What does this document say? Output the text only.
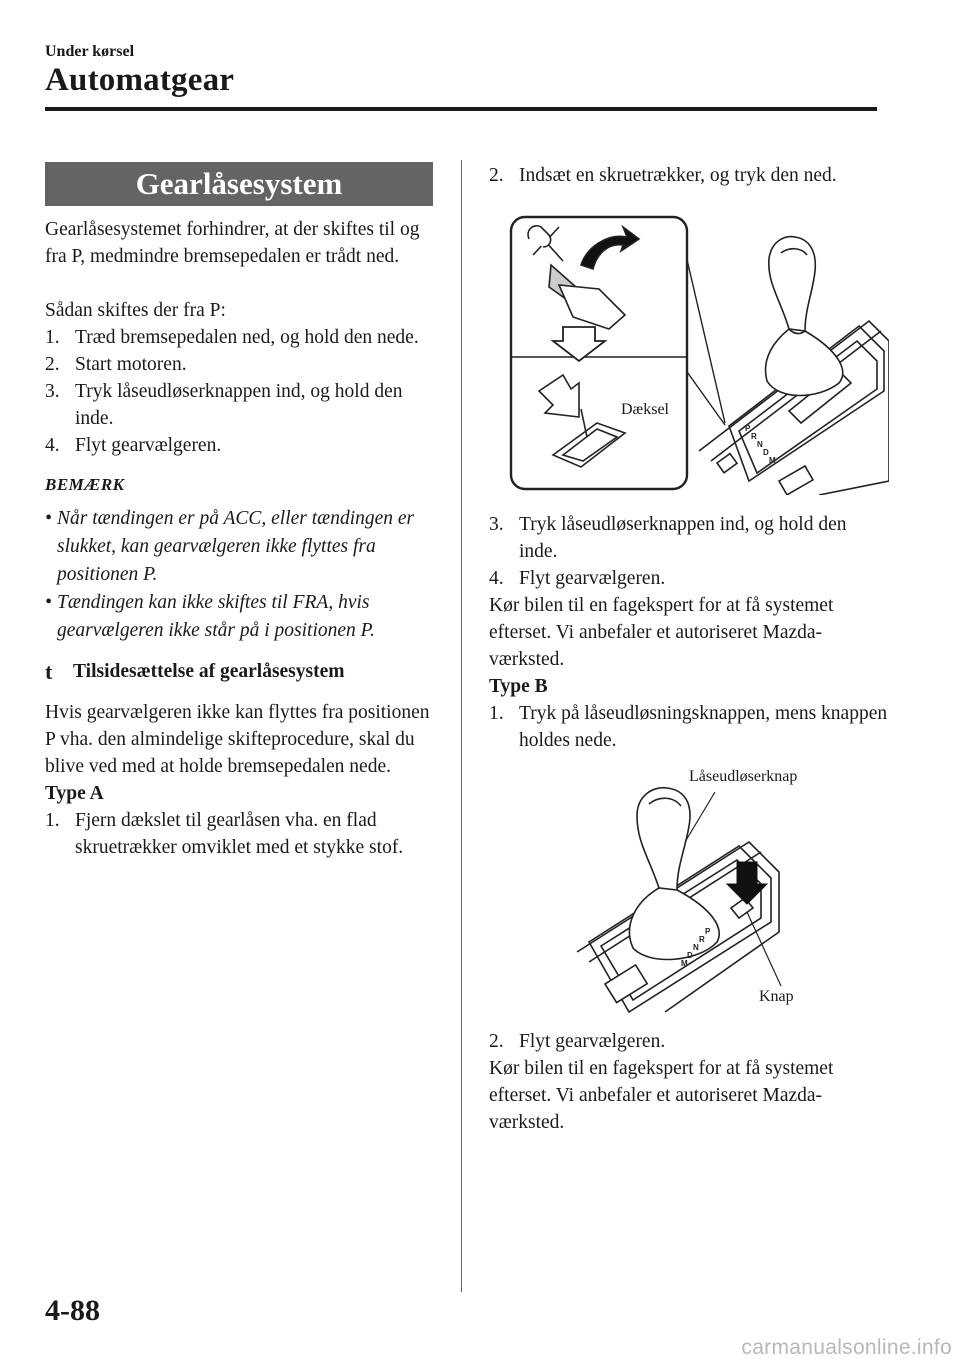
Under kørsel
Automatgear
Gearlåsesystem

Gearlåsesystemet forhindrer, at der skiftes til og fra P, medmindre bremsepedalen er trådt ned.

Sådan skiftes der fra P:

1. Træd bremsepedalen ned, og hold den nede.
2. Start motoren.
3. Tryk låseudløserknappen ind, og hold den inde.
4. Flyt gearvælgeren.
BEMÆRK
• Når tændingen er på ACC, eller tændingen er slukket, kan gearvælgeren ikke flyttes fra positionen P.
• Tændingen kan ikke skiftes til FRA, hvis gearvælgeren ikke står på i positionen P.
t	Tilsidesættelse af gearlåsesystem

Hvis gearvælgeren ikke kan flyttes fra positionen P vha. den almindelige skifteprocedure, skal du blive ved med at holde bremsepedalen nede.

Type A
1. Fjern dækslet til gearlåsen vha. en flad skruetrækker omviklet med et stykke stof.
2. Indsæt en skruetrækker, og tryk den ned.
P
R
N
D
M
Dæksel
3. Tryk låseudløserknappen ind, og hold den inde.
4. Flyt gearvælgeren.

Kør bilen til en fagekspert for at få systemet efterset. Vi anbefaler et autoriseret Mazda-værksted.

Type B
1. Tryk på låseudløsningsknappen, mens knappen holdes nede.
P
R
N
D
M
Låseudløserknap
Knap
2. Flyt gearvælgeren.

Kør bilen til en fagekspert for at få systemet efterset. Vi anbefaler et autoriseret Mazda-værksted.

4-88
carmanualsonline.info
